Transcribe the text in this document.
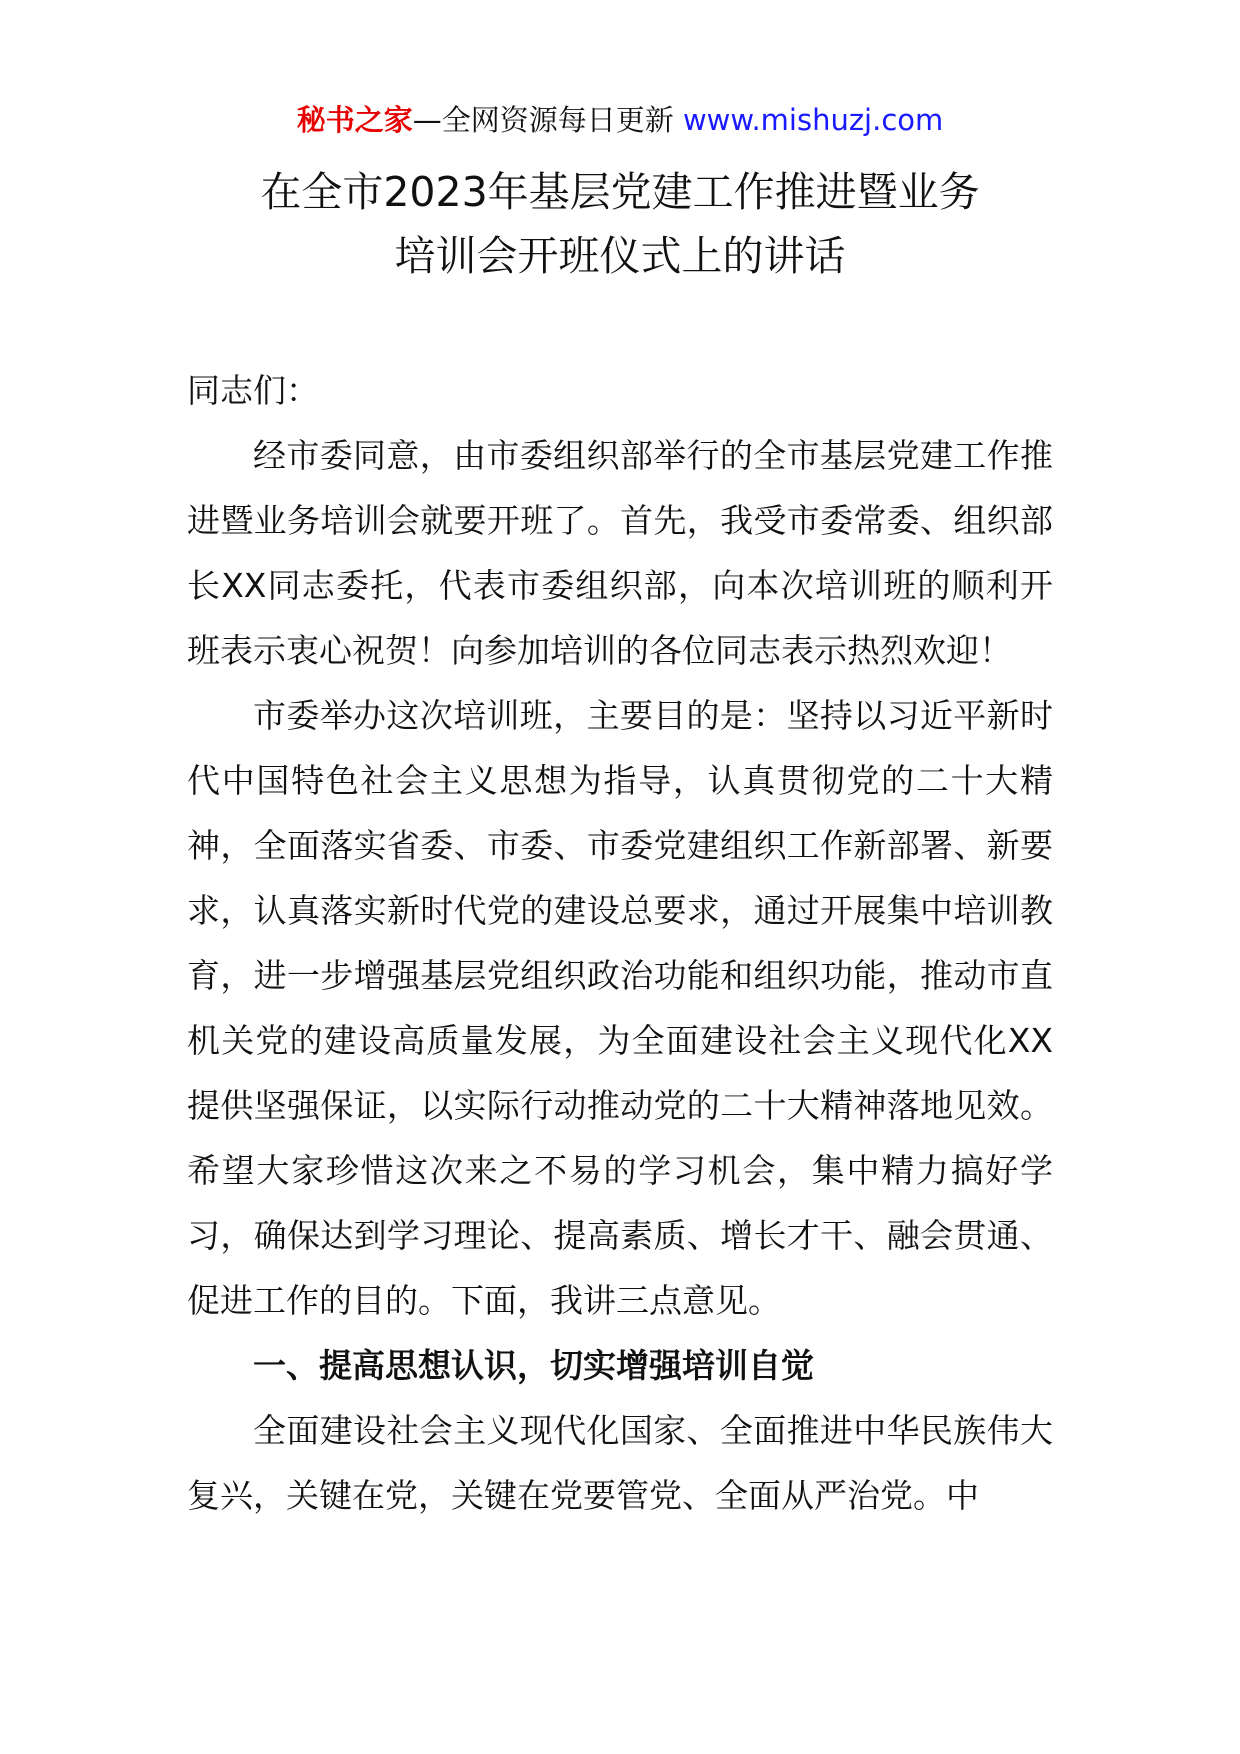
秘书之家—全网资源每日更新 www.mishuzj.com
在全市2023年基层党建工作推进暨业务
培训会开班仪式上的讲话

同志们：

经市委同意，由市委组织部举行的全市基层党建工作推进暨业务培训会就要开班了。首先，我受市委常委、组织部长XX同志委托，代表市委组织部，向本次培训班的顺利开班表示衷心祝贺！向参加培训的各位同志表示热烈欢迎！

市委举办这次培训班，主要目的是：坚持以习近平新时代中国特色社会主义思想为指导，认真贯彻党的二十大精神，全面落实省委、市委、市委党建组织工作新部署、新要求，认真落实新时代党的建设总要求，通过开展集中培训教育，进一步增强基层党组织政治功能和组织功能，推动市直机关党的建设高质量发展，为全面建设社会主义现代化XX提供坚强保证，以实际行动推动党的二十大精神落地见效。希望大家珍惜这次来之不易的学习机会，集中精力搞好学习，确保达到学习理论、提高素质、增长才干、融会贯通、促进工作的目的。下面，我讲三点意见。

一、提高思想认识，切实增强培训自觉

全面建设社会主义现代化国家、全面推进中华民族伟大复兴，关键在党，关键在党要管党、全面从严治党。中
